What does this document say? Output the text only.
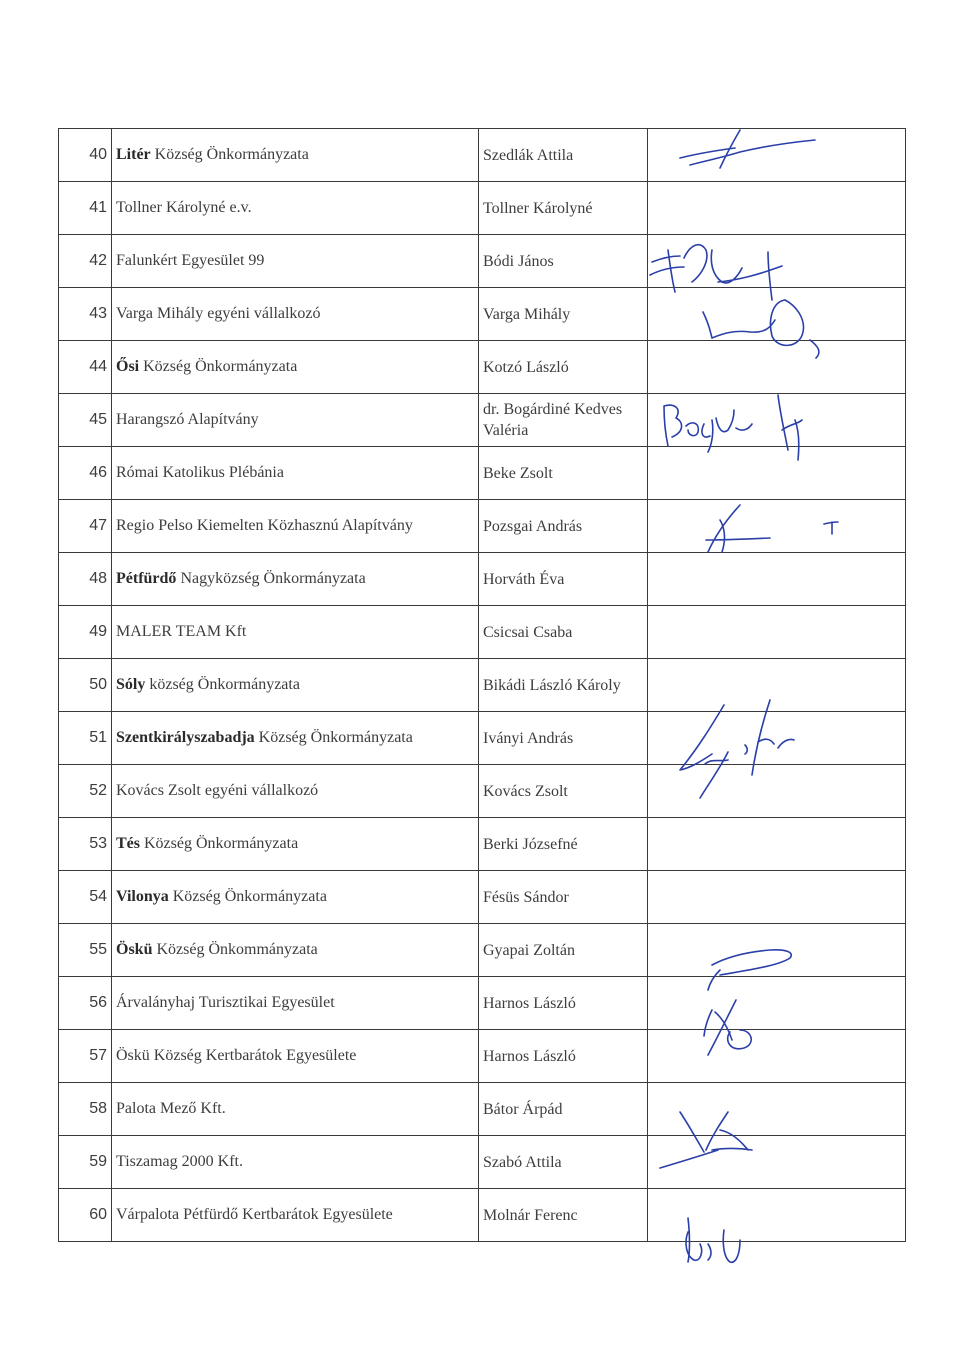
40	Litér Község Önkormányzata	Szedlák Attila	
41	Tollner Károlyné e.v.	Tollner Károlyné	
42	Falunkért Egyesület 99	Bódi János	
43	Varga Mihály egyéni vállalkozó	Varga Mihály	
44	Ősi Község Önkormányzata	Kotzó László	
45	Harangszó Alapítvány	dr. Bogárdiné Kedves Valéria	
46	Római Katolikus Plébánia	Beke Zsolt	
47	Regio Pelso Kiemelten Közhasznú Alapítvány	Pozsgai András	
48	Pétfürdő Nagyközség Önkormányzata	Horváth Éva	
49	MALER TEAM Kft	Csicsai Csaba	
50	Sóly község Önkormányzata	Bikádi László Károly	
51	Szentkirályszabadja Község Önkormányzata	Iványi András	
52	Kovács Zsolt egyéni vállalkozó	Kovács Zsolt	
53	Tés Község Önkormányzata	Berki Józsefné	
54	Vilonya Község Önkormányzata	Fésüs Sándor	
55	Öskü Község Önkommányzata	Gyapai Zoltán	
56	Árvalányhaj Turisztikai Egyesület	Harnos László	
57	Öskü Község Kertbarátok Egyesülete	Harnos László	
58	Palota Mező Kft.	Bátor Árpád	
59	Tiszamag 2000 Kft.	Szabó Attila	
60	Várpalota Pétfürdő Kertbarátok Egyesülete	Molnár Ferenc	
